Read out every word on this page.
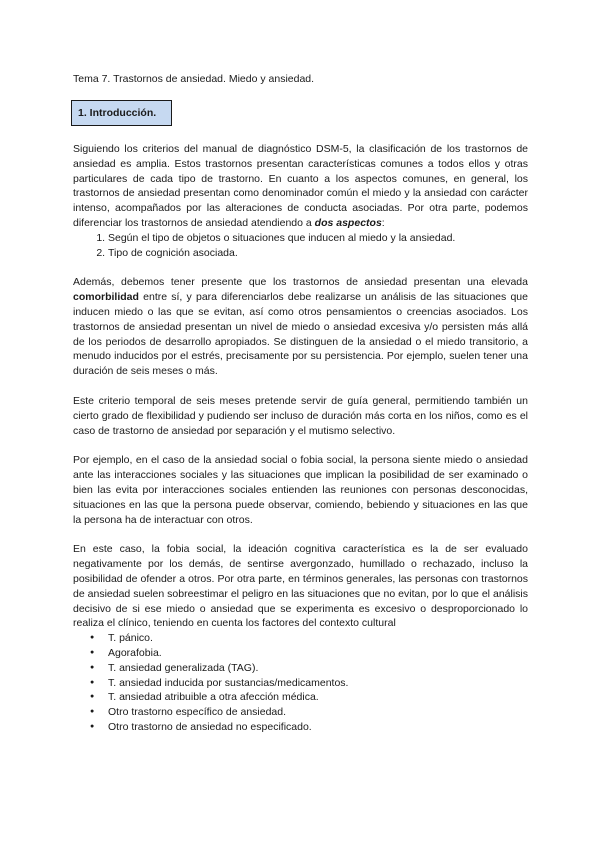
Tema 7. Trastornos de ansiedad. Miedo y ansiedad.
1. Introducción.

Siguiendo los criterios del manual de diagnóstico DSM-5, la clasificación de los trastornos de ansiedad es amplia. Estos trastornos presentan características comunes a todos ellos y otras particulares de cada tipo de trastorno. En cuanto a los aspectos comunes, en general, los trastornos de ansiedad presentan como denominador común el miedo y la ansiedad con carácter intenso, acompañados por las alteraciones de conducta asociadas. Por otra parte, podemos diferenciar los trastornos de ansiedad atendiendo a dos aspectos:

1. Según el tipo de objetos o situaciones que inducen al miedo y la ansiedad.
2. Tipo de cognición asociada.

Además, debemos tener presente que los trastornos de ansiedad presentan una elevada comorbilidad entre sí, y para diferenciarlos debe realizarse un análisis de las situaciones que inducen miedo o las que se evitan, así como otros pensamientos o creencias asociados. Los trastornos de ansiedad presentan un nivel de miedo o ansiedad excesiva y/o persisten más allá de los periodos de desarrollo apropiados. Se distinguen de la ansiedad o el miedo transitorio, a menudo inducidos por el estrés, precisamente por su persistencia. Por ejemplo, suelen tener una duración de seis meses o más.

Este criterio temporal de seis meses pretende servir de guía general, permitiendo también un cierto grado de flexibilidad y pudiendo ser incluso de duración más corta en los niños, como es el caso de trastorno de ansiedad por separación y el mutismo selectivo.

Por ejemplo, en el caso de la ansiedad social o fobia social, la persona siente miedo o ansiedad ante las interacciones sociales y las situaciones que implican la posibilidad de ser examinado o bien las evita por interacciones sociales entienden las reuniones con personas desconocidas, situaciones en las que la persona puede observar, comiendo, bebiendo y situaciones en las que la persona ha de interactuar con otros.

En este caso, la fobia social, la ideación cognitiva característica es la de ser evaluado negativamente por los demás, de sentirse avergonzado, humillado o rechazado, incluso la posibilidad de ofender a otros. Por otra parte, en términos generales, las personas con trastornos de ansiedad suelen sobreestimar el peligro en las situaciones que no evitan, por lo que el análisis decisivo de si ese miedo o ansiedad que se experimenta es excesivo o desproporcionado lo realiza el clínico, teniendo en cuenta los factores del contexto cultural

● T. pánico.
● Agorafobia.
● T. ansiedad generalizada (TAG).
● T. ansiedad inducida por sustancias/medicamentos.
● T. ansiedad atribuible a otra afección médica.
● Otro trastorno específico de ansiedad.
● Otro trastorno de ansiedad no especificado.
